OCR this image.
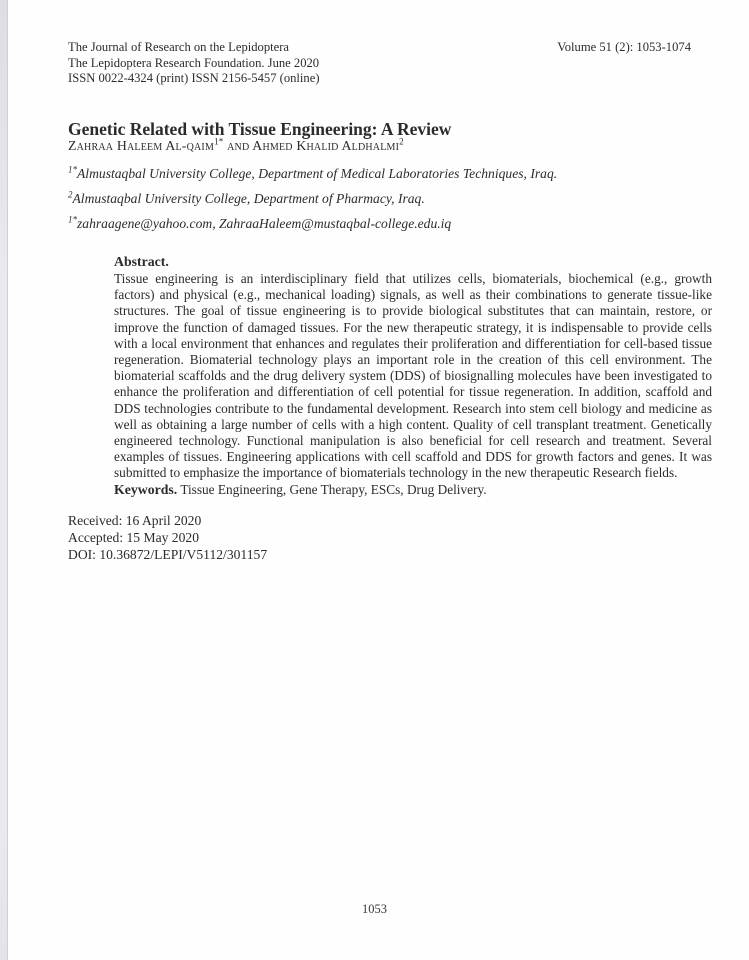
The Journal of Research on the Lepidoptera
The Lepidoptera Research Foundation. June 2020
ISSN 0022-4324 (print) ISSN 2156-5457 (online)
Volume 51 (2): 1053-1074
Genetic Related with Tissue Engineering: A Review
Zahraa Haleem Al-qaim$^{1*}$ and Ahmed Khalid Aldhalmi$^2$
$^{1*}$Almustaqbal University College, Department of Medical Laboratories Techniques, Iraq.
$^2$Almustaqbal University College, Department of Pharmacy, Iraq.
$^{1*}$zahraagene@yahoo.com, ZahraaHaleem@mustaqbal-college.edu.iq

Abstract.

Tissue engineering is an interdisciplinary field that utilizes cells, biomaterials, biochemical (e.g., growth factors) and physical (e.g., mechanical loading) signals, as well as their combinations to generate tissue-like structures. The goal of tissue engineering is to provide biological substitutes that can maintain, restore, or improve the function of damaged tissues. For the new therapeutic strategy, it is indispensable to provide cells with a local environment that enhances and regulates their proliferation and differentiation for cell-based tissue regeneration. Biomaterial technology plays an important role in the creation of this cell environment. The biomaterial scaffolds and the drug delivery system (DDS) of biosignalling molecules have been investigated to enhance the proliferation and differentiation of cell potential for tissue regeneration. In addition, scaffold and DDS technologies contribute to the fundamental development. Research into stem cell biology and medicine as well as obtaining a large number of cells with a high content. Quality of cell transplant treatment. Genetically engineered technology. Functional manipulation is also beneficial for cell research and treatment. Several examples of tissues. Engineering applications with cell scaffold and DDS for growth factors and genes. It was submitted to emphasize the importance of biomaterials technology in the new therapeutic Research fields.

Keywords. Tissue Engineering, Gene Therapy, ESCs, Drug Delivery.

Received: 16 April 2020
Accepted: 15 May 2020
DOI: 10.36872/LEPI/V5112/301157
1053
